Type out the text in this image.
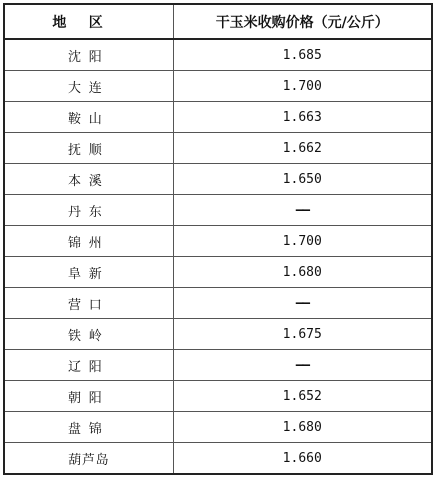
地区	干玉米收购价格（元/公斤）
沈阳	1.685
大连	1.700
鞍山	1.663
抚顺	1.662
本溪	1.650
丹东	——
锦州	1.700
阜新	1.680
营口	——
铁岭	1.675
辽阳	——
朝阳	1.652
盘锦	1.680
葫芦岛	1.660
